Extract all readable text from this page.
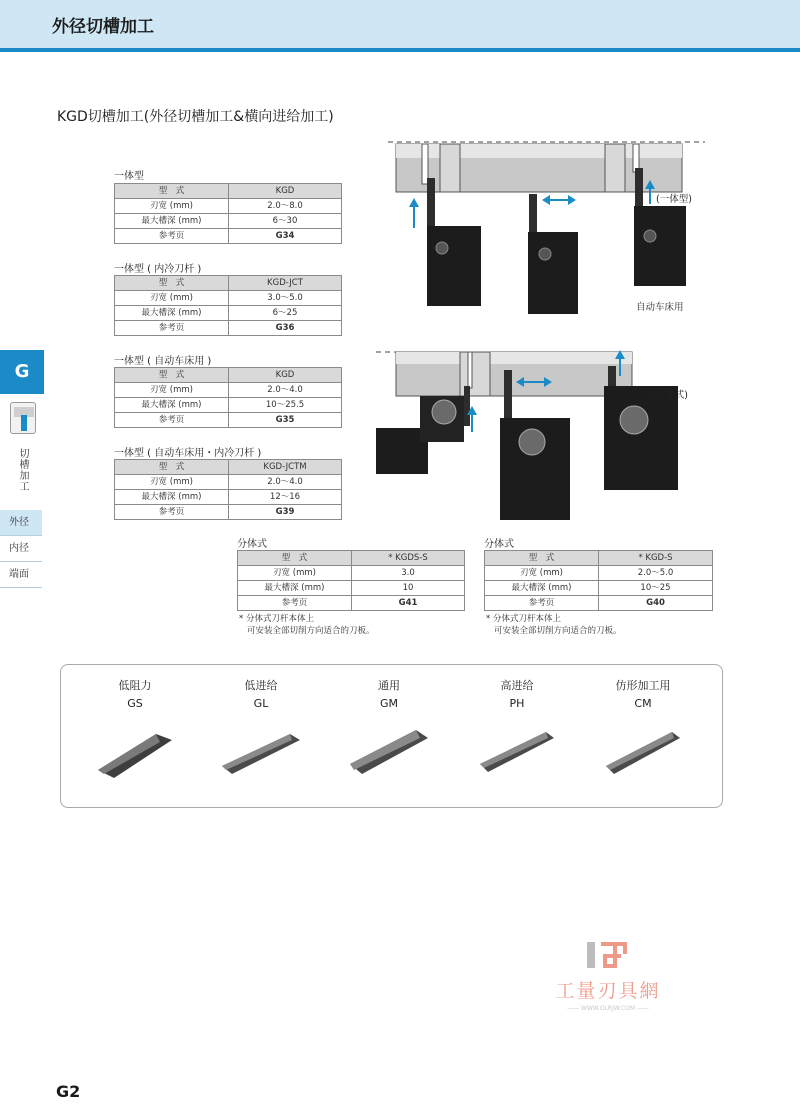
外径切槽加工
KGD切槽加工(外径切槽加工&横向进给加工)
G
切槽加工
外径
内径
端面
一体型
型　式	KGD
刃宽 (mm)	2.0～8.0
最大槽深 (mm)	6～30
参考页	G34
一体型 ( 内冷刀杆 )
型　式	KGD-JCT
刃宽 (mm)	3.0～5.0
最大槽深 (mm)	6～25
参考页	G36
一体型 ( 自动车床用 )
型　式	KGD
刃宽 (mm)	2.0～4.0
最大槽深 (mm)	10～25.5
参考页	G35
一体型 ( 自动车床用・内冷刀杆 )
型　式	KGD-JCTM
刃宽 (mm)	2.0～4.0
最大槽深 (mm)	12～16
参考页	G39
分体式
型　式	* KGDS-S
刃宽 (mm)	3.0
最大槽深 (mm)	10
参考页	G41
* 分体式刀杆本体上
可安装全部切削方向适合的刀板。
分体式
型　式	* KGD-S
刃宽 (mm)	2.0～5.0
最大槽深 (mm)	10～25
参考页	G40
* 分体式刀杆本体上
可安装全部切削方向适合的刀板。
(一体型)
自动车床用
(分体式)
低阻力
GS
低进给
GL
通用
GM
高进给
PH
仿形加工用
CM
工量刃具網
—— WWW.GLRJW.COM ——
G2
